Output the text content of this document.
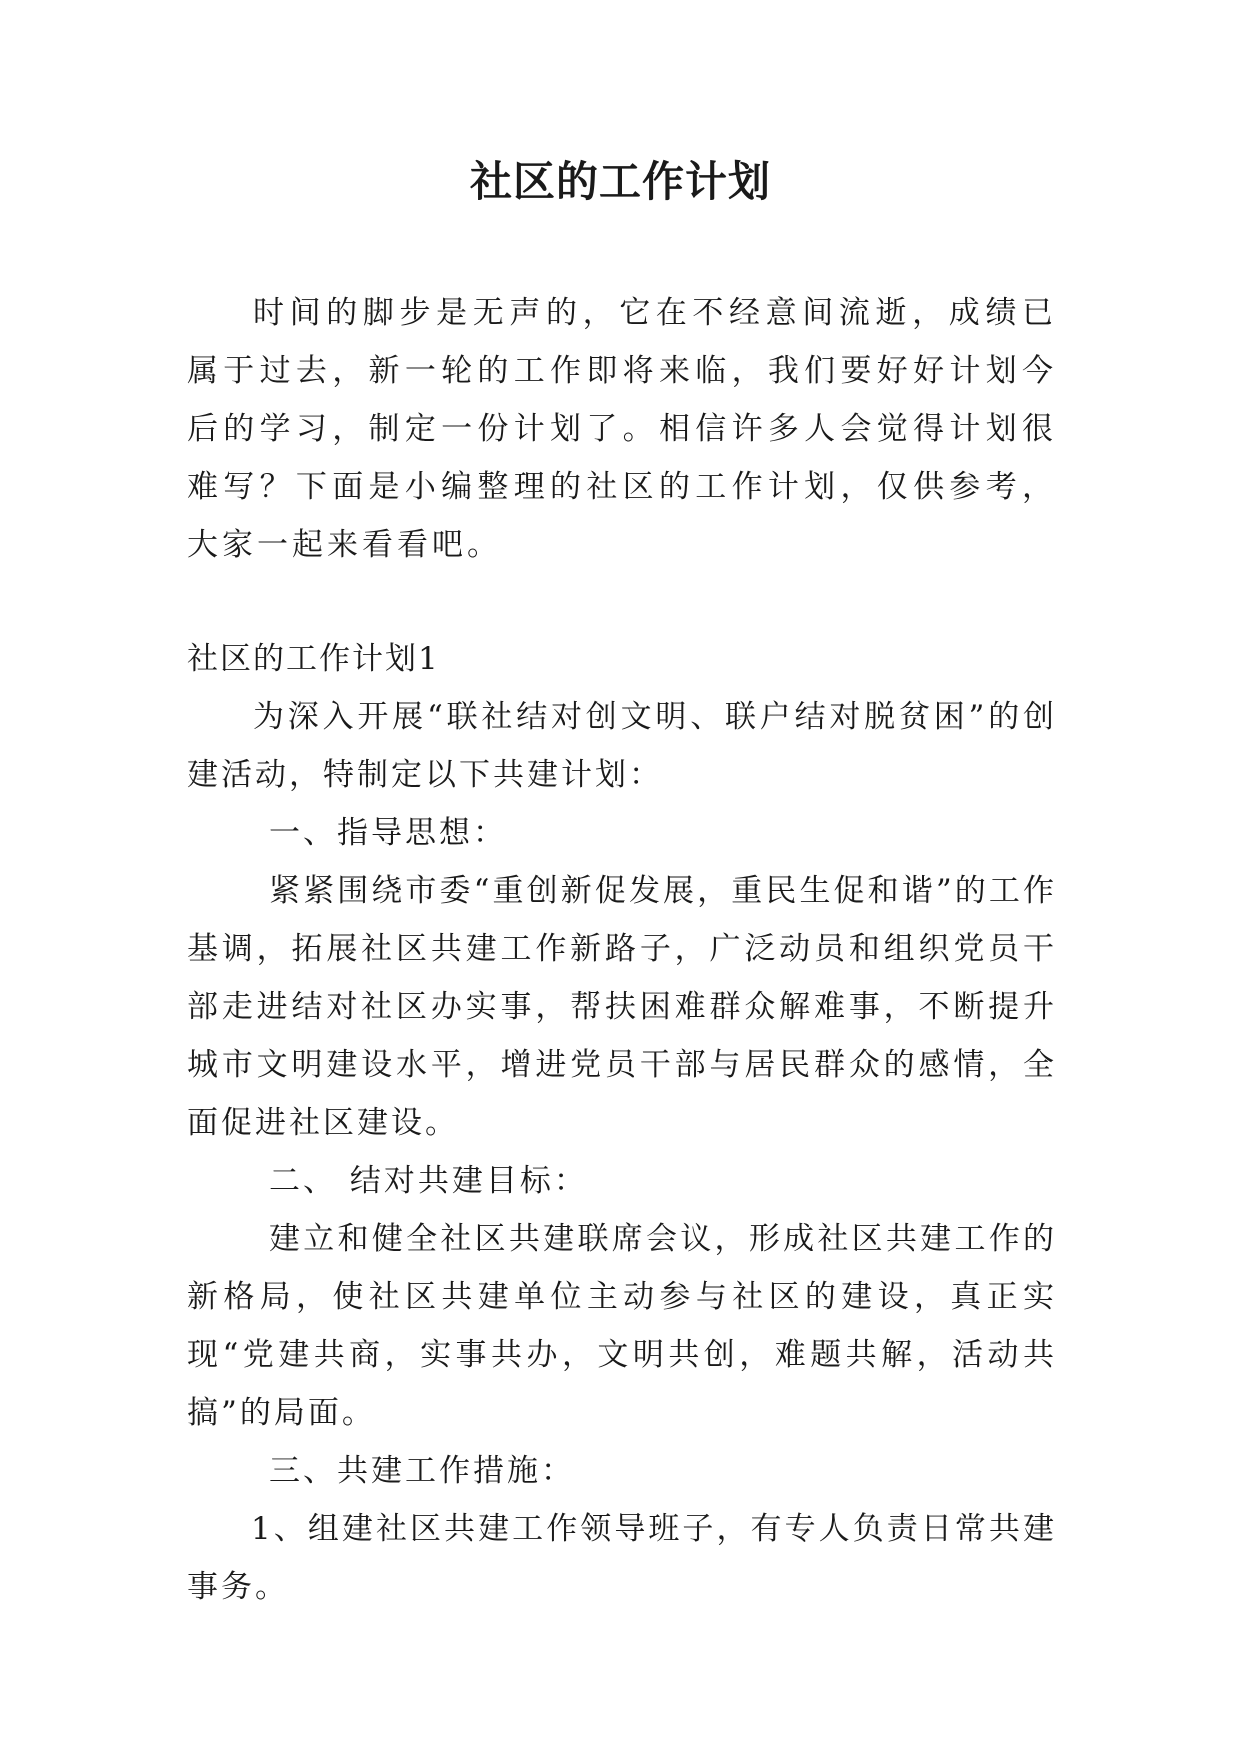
社区的工作计划

时间的脚步是无声的，它在不经意间流逝，成绩已属于过去，新一轮的工作即将来临，我们要好好计划今后的学习，制定一份计划了。相信许多人会觉得计划很难写？下面是小编整理的社区的工作计划，仅供参考，大家一起来看看吧。

社区的工作计划1

为深入开展“联社结对创文明、联户结对脱贫困”的创建活动，特制定以下共建计划：

一、指导思想：

紧紧围绕市委“重创新促发展，重民生促和谐”的工作基调，拓展社区共建工作新路子，广泛动员和组织党员干部走进结对社区办实事，帮扶困难群众解难事，不断提升城市文明建设水平，增进党员干部与居民群众的感情，全面促进社区建设。

二、 结对共建目标：

建立和健全社区共建联席会议，形成社区共建工作的新格局，使社区共建单位主动参与社区的建设，真正实现“党建共商，实事共办，文明共创，难题共解，活动共搞”的局面。

三、共建工作措施：

1、组建社区共建工作领导班子，有专人负责日常共建事务。
